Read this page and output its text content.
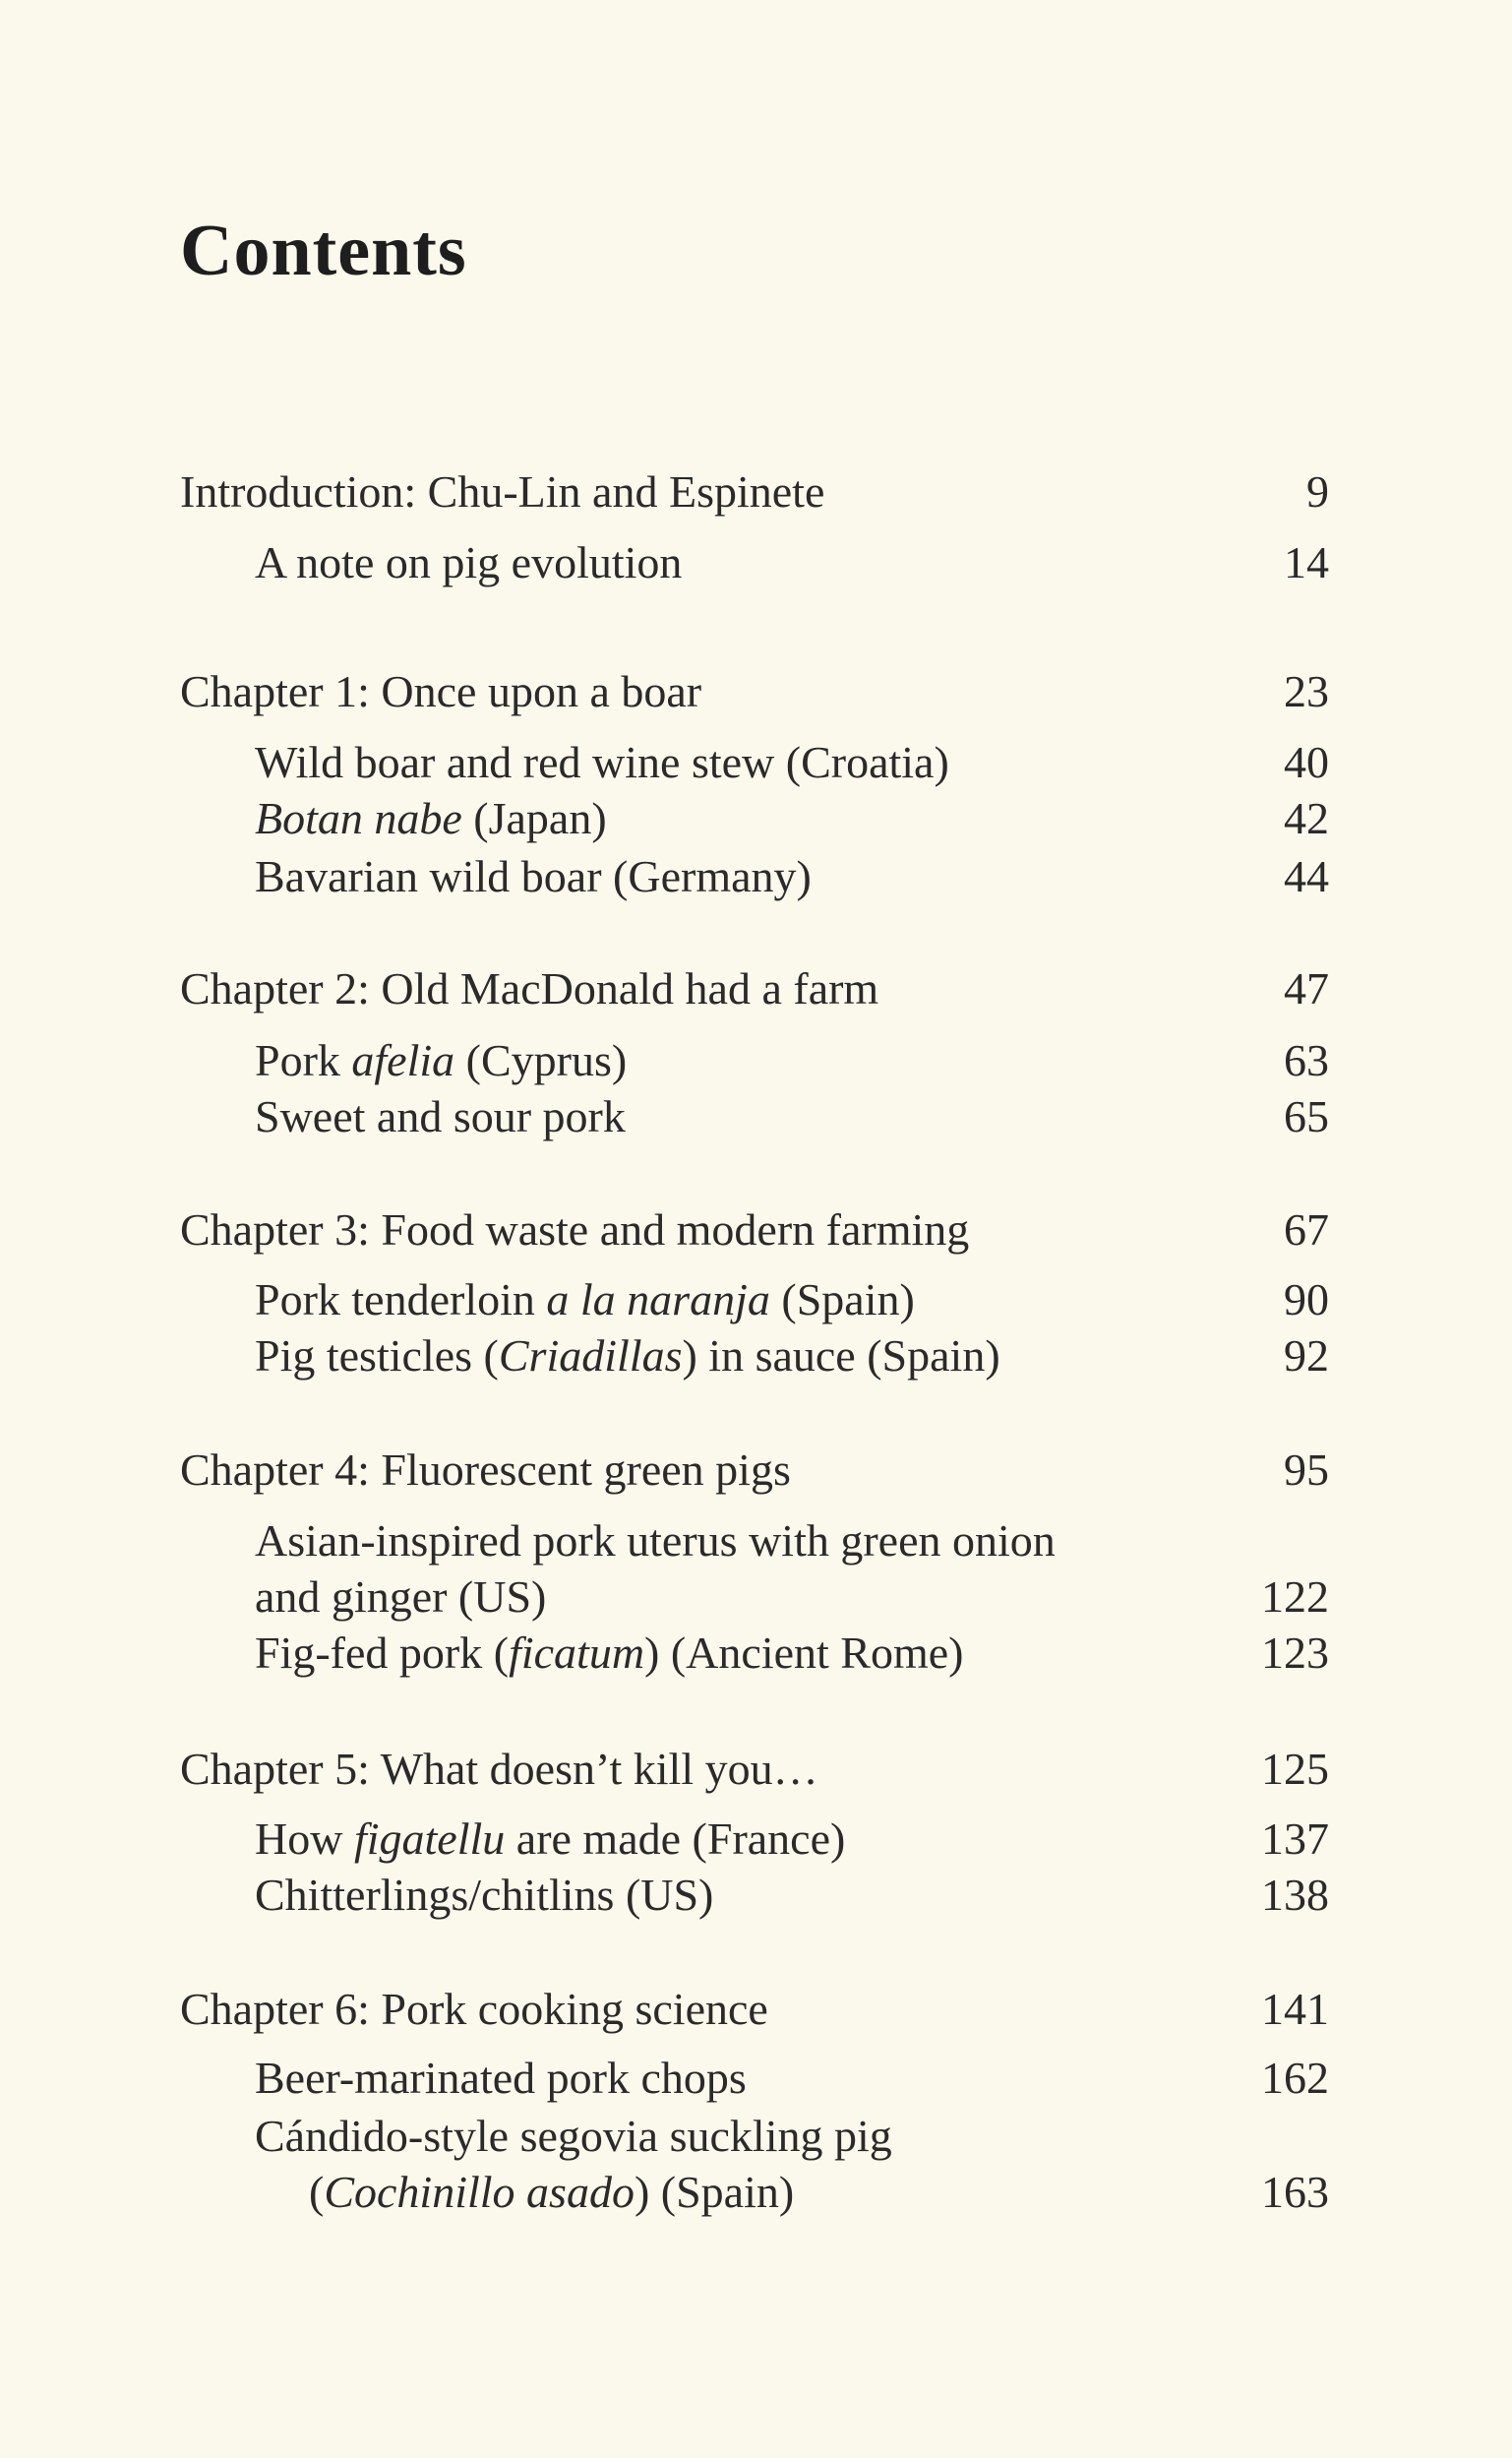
Contents
Introduction: Chu-Lin and Espinete	9
A note on pig evolution	14
Chapter 1: Once upon a boar	23
Wild boar and red wine stew (Croatia)	40
Botan nabe (Japan)	42
Bavarian wild boar (Germany)	44
Chapter 2: Old MacDonald had a farm	47
Pork afelia (Cyprus)	63
Sweet and sour pork	65
Chapter 3: Food waste and modern farming	67
Pork tenderloin a la naranja (Spain)	90
Pig testicles (Criadillas) in sauce (Spain)	92
Chapter 4: Fluorescent green pigs	95
Asian-inspired pork uterus with green onion
and ginger (US)	122
Fig-fed pork (ficatum) (Ancient Rome)	123
Chapter 5: What doesn’t kill you…	125
How figatellu are made (France)	137
Chitterlings/chitlins (US)	138
Chapter 6: Pork cooking science	141
Beer-marinated pork chops	162
Cándido-style segovia suckling pig
(Cochinillo asado) (Spain)	163
